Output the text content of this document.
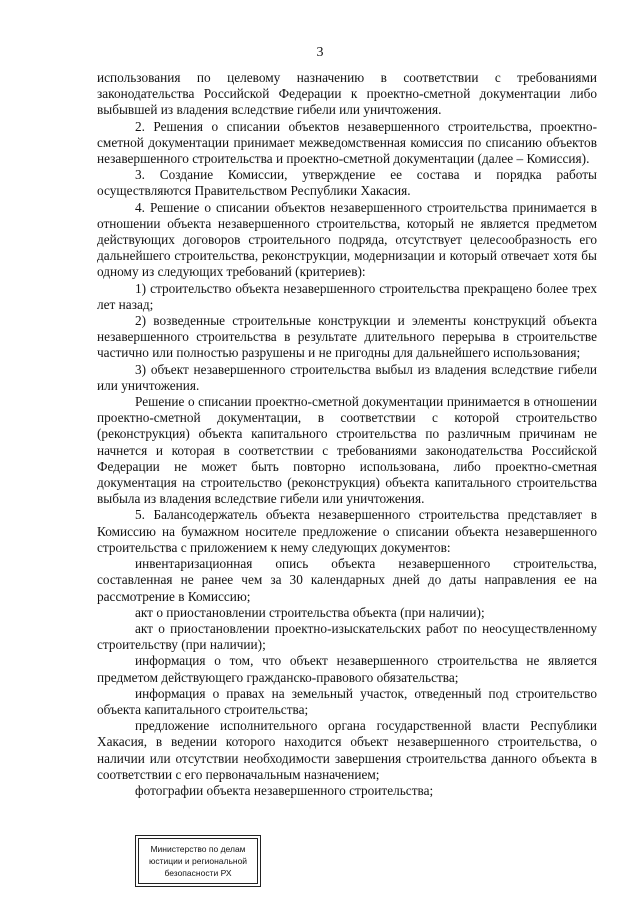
3

использования по целевому назначению в соответствии с требованиями законодательства Российской Федерации к проектно-сметной документации либо выбывшей из владения вследствие гибели или уничтожения.

2. Решения о списании объектов незавершенного строительства, проектно-сметной документации принимает межведомственная комиссия по списанию объектов незавершенного строительства и проектно-сметной документации (далее – Комиссия).

3. Создание Комиссии, утверждение ее состава и порядка работы осуществляются Правительством Республики Хакасия.

4. Решение о списании объектов незавершенного строительства принимается в отношении объекта незавершенного строительства, который не является предметом действующих договоров строительного подряда, отсутствует целесообразность его дальнейшего строительства, реконструкции, модернизации и который отвечает хотя бы одному из следующих требований (критериев):

1) строительство объекта незавершенного строительства прекращено более трех лет назад;

2) возведенные строительные конструкции и элементы конструкций объекта незавершенного строительства в результате длительного перерыва в строительстве частично или полностью разрушены и не пригодны для дальнейшего использования;

3) объект незавершенного строительства выбыл из владения вследствие гибели или уничтожения.

Решение о списании проектно-сметной документации принимается в отношении проектно-сметной документации, в соответствии с которой строительство (реконструкция) объекта капитального строительства по различным причинам не начнется и которая в соответствии с требованиями законодательства Российской Федерации не может быть повторно использована, либо проектно-сметная документация на строительство (реконструкция) объекта капитального строительства выбыла из владения вследствие гибели или уничтожения.

5. Балансодержатель объекта незавершенного строительства представляет в Комиссию на бумажном носителе предложение о списании объекта незавершенного строительства с приложением к нему следующих документов:

инвентаризационная опись объекта незавершенного строительства, составленная не ранее чем за 30 календарных дней до даты направления ее на рассмотрение в Комиссию;

акт о приостановлении строительства объекта (при наличии);

акт о приостановлении проектно-изыскательских работ по неосуществленному строительству (при наличии);

информация о том, что объект незавершенного строительства не является предметом действующего гражданско-правового обязательства;

информация о правах на земельный участок, отведенный под строительство объекта капитального строительства;

предложение исполнительного органа государственной власти Республики Хакасия, в ведении которого находится объект незавершенного строительства, о наличии или отсутствии необходимости завершения строительства данного объекта в соответствии с его первоначальным назначением;

фотографии объекта незавершенного строительства;

Министерство по делам
юстиции и региональной
безопасности РХ
